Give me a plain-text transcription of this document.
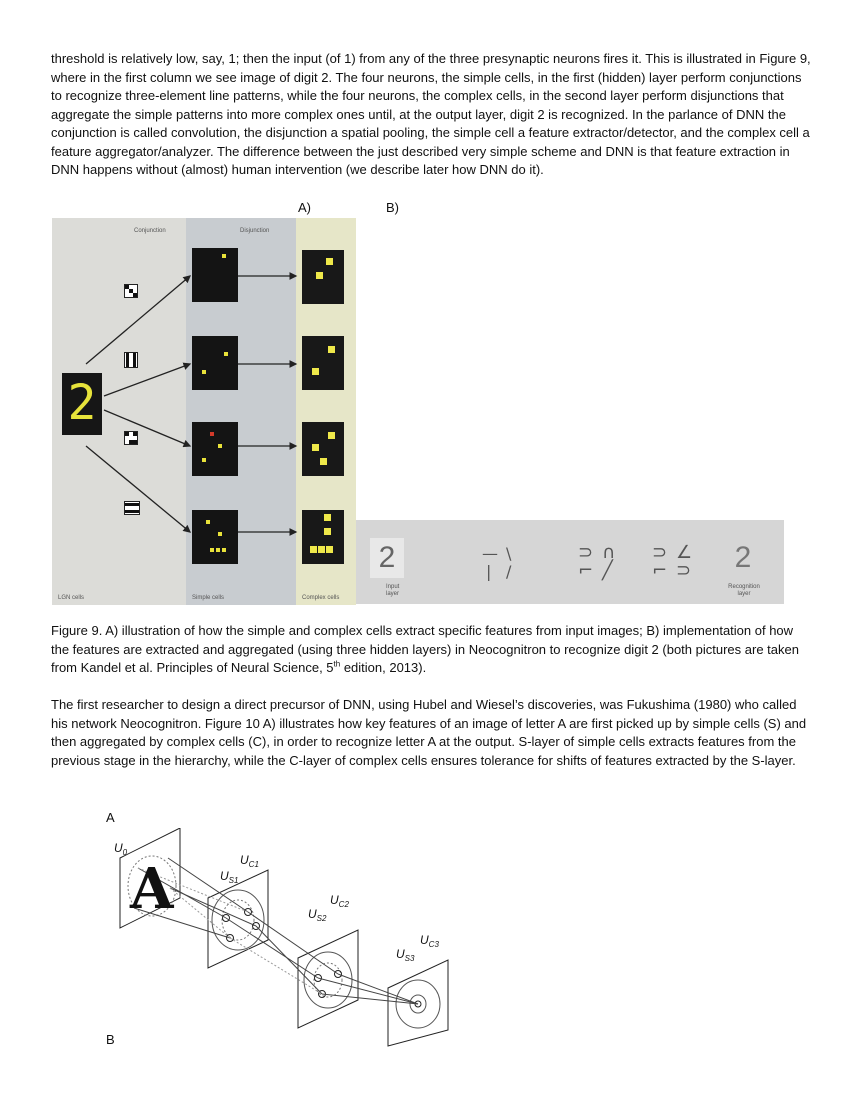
threshold is relatively low, say, 1; then the input (of 1) from any of the three presynaptic neurons fires it. This is illustrated in Figure 9, where in the first column we see image of digit 2. The four neurons, the simple cells, in the first (hidden) layer perform conjunctions to recognize three-element line patterns, while the four neurons, the complex cells, in the second layer perform disjunctions that aggregate the simple patterns into more complex ones until, at the output layer, digit 2 is recognized. In the parlance of DNN the conjunction is called convolution, the disjunction a spatial pooling, the simple cell a feature extractor/detector, and the complex cell a feature aggregator/analyzer. The difference between the just described very simple scheme and DNN is that feature extraction in DNN happens without (almost) human intervention (we describe later how DNN do it).

A)	B)
Conjunction	Disjunction
2
LGN cells	Simple cells	Complex cells
2
Input layer
— \
| /
⊃ ∩
⌐ ╱
⊃ ∠
⌐ ⊃ 2
Recognition layer

Figure 9. A) illustration of how the simple and complex cells extract specific features from input images; B) implementation of how the features are extracted and aggregated (using three hidden layers) in Neocognitron to recognize digit 2 (both pictures are taken from Kandel et al. Principles of Neural Science, 5th edition, 2013).

The first researcher to design a direct precursor of DNN, using Hubel and Wiesel’s discoveries, was Fukushima (1980) who called his network Neocognitron. Figure 10 A) illustrates how key features of an image of letter A are first picked up by simple cells (S) and then aggregated by complex cells (C), in order to recognize letter A at the output. S-layer of simple cells extracts features from the previous stage in the hierarchy, while the C-layer of complex cells ensures tolerance for shifts of features extracted by the S-layer.

A
B
A
$U_0$
$U_{S1}$
$U_{C1}$
$U_{S2}$
$U_{C2}$
$U_{S3}$
$U_{C3}$
